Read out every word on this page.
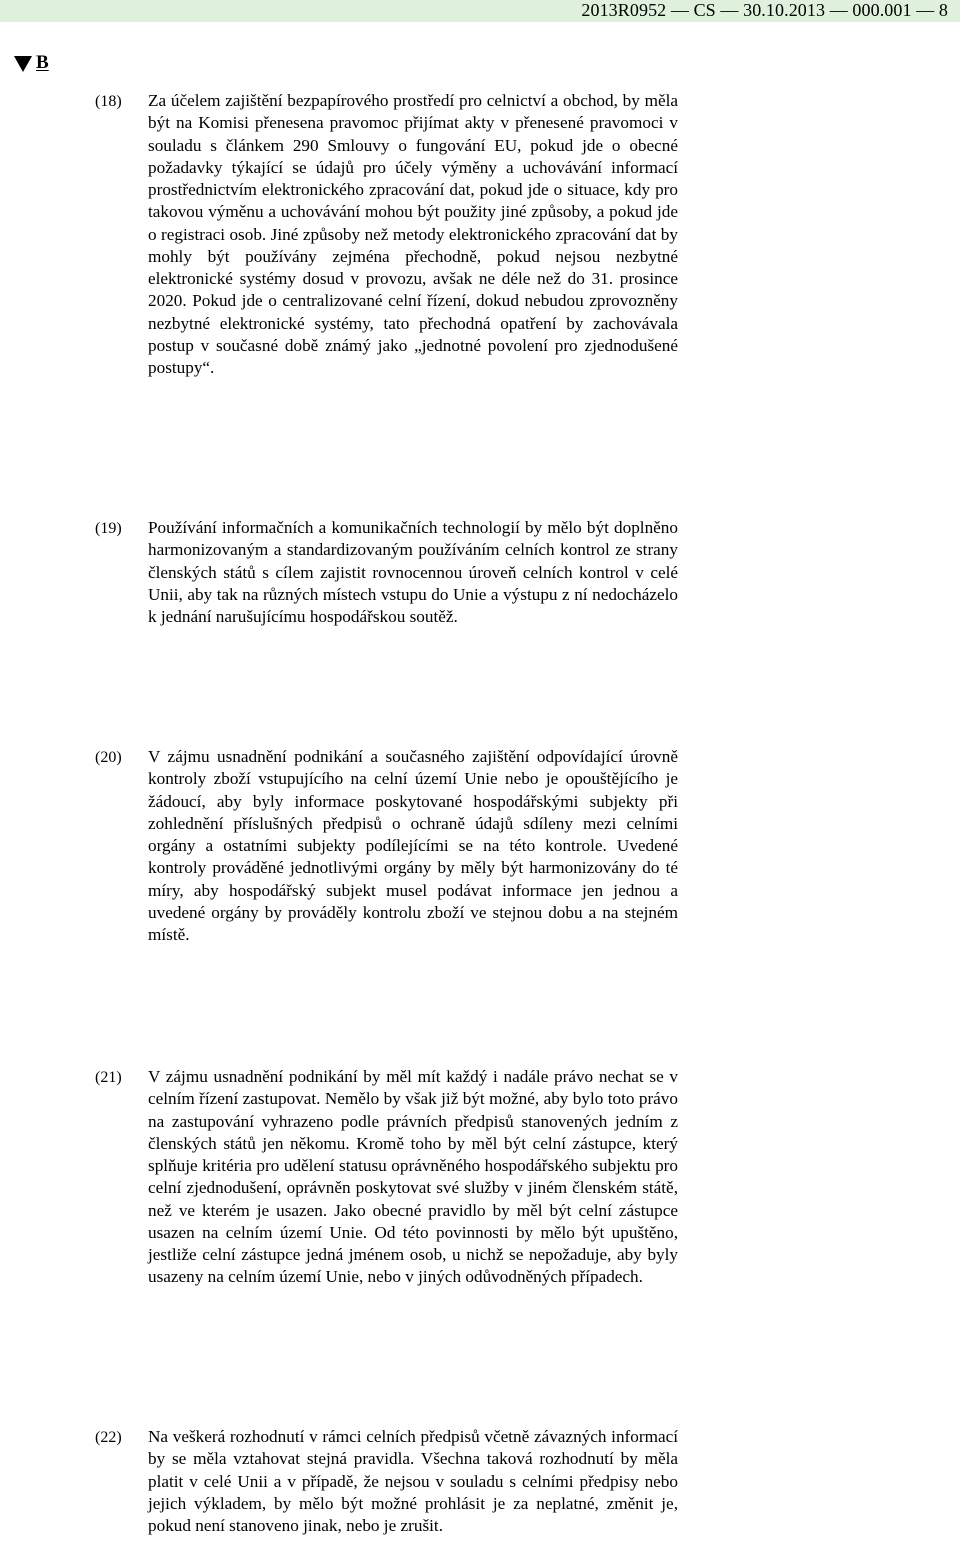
2013R0952 — CS — 30.10.2013 — 000.001 — 8
B
(18) Za účelem zajištění bezpapírového prostředí pro celnictví a obchod, by měla být na Komisi přenesena pravomoc přijímat akty v přenesené pravomoci v souladu s článkem 290 Smlouvy o fungování EU, pokud jde o obecné požadavky týkající se údajů pro účely výměny a uchovávání informací prostřednictvím elektronického zpracování dat, pokud jde o situace, kdy pro takovou výměnu a uchovávání mohou být použity jiné způsoby, a pokud jde o registraci osob. Jiné způsoby než metody elektronického zpracování dat by mohly být používány zejména přechodně, pokud nejsou nezbytné elektronické systémy dosud v provozu, avšak ne déle než do 31. prosince 2020. Pokud jde o centralizované celní řízení, dokud nebudou zprovozněny nezbytné elektronické systémy, tato přechodná opatření by zachovávala postup v současné době známý jako „jednotné povolení pro zjednodušené postupy“.
(19) Používání informačních a komunikačních technologií by mělo být doplněno harmonizovaným a standardizovaným používáním celních kontrol ze strany členských států s cílem zajistit rovnocennou úroveň celních kontrol v celé Unii, aby tak na různých místech vstupu do Unie a výstupu z ní nedocházelo k jednání narušujícímu hospodářskou soutěž.
(20) V zájmu usnadnění podnikání a současného zajištění odpovídající úrovně kontroly zboží vstupujícího na celní území Unie nebo je opouštějícího je žádoucí, aby byly informace poskytované hospodářskými subjekty při zohlednění příslušných předpisů o ochraně údajů sdíleny mezi celními orgány a ostatními subjekty podílejícími se na této kontrole. Uvedené kontroly prováděné jednotlivými orgány by měly být harmonizovány do té míry, aby hospodářský subjekt musel podávat informace jen jednou a uvedené orgány by prováděly kontrolu zboží ve stejnou dobu a na stejném místě.
(21) V zájmu usnadnění podnikání by měl mít každý i nadále právo nechat se v celním řízení zastupovat. Nemělo by však již být možné, aby bylo toto právo na zastupování vyhrazeno podle právních předpisů stanovených jedním z členských států jen někomu. Kromě toho by měl být celní zástupce, který splňuje kritéria pro udělení statusu oprávněného hospodářského subjektu pro celní zjednodušení, oprávněn poskytovat své služby v jiném členském státě, než ve kterém je usazen. Jako obecné pravidlo by měl být celní zástupce usazen na celním území Unie. Od této povinnosti by mělo být upuštěno, jestliže celní zástupce jedná jménem osob, u nichž se nepožaduje, aby byly usazeny na celním území Unie, nebo v jiných odůvodněných případech.
(22) Na veškerá rozhodnutí v rámci celních předpisů včetně závazných informací by se měla vztahovat stejná pravidla. Všechna taková rozhodnutí by měla platit v celé Unii a v případě, že nejsou v souladu s celními předpisy nebo jejich výkladem, by mělo být možné prohlásit je za neplatné, změnit je, pokud není stanoveno jinak, nebo je zrušit.
